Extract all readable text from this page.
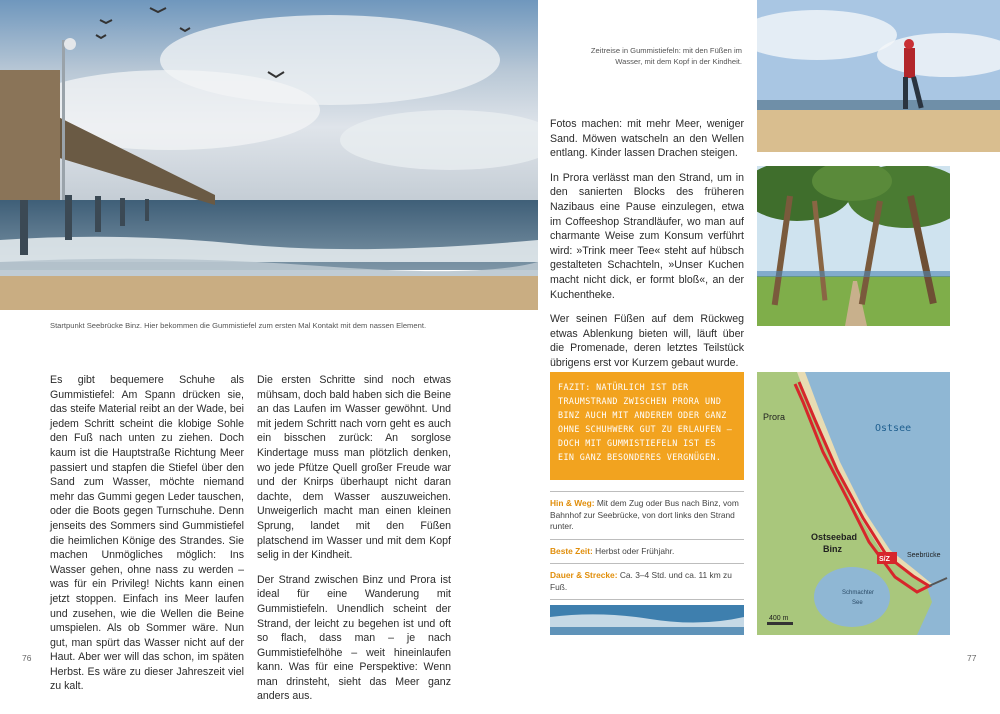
Startpunkt Seebrücke Binz. Hier bekommen die Gummistiefel zum ersten Mal Kontakt mit dem nassen Element.

Es gibt bequemere Schuhe als Gummistiefel: Am Spann drücken sie, das steife Material reibt an der Wade, bei jedem Schritt scheint die klobige Sohle den Fuß nach unten zu ziehen. Doch kaum ist die Hauptstraße Richtung Meer passiert und stapfen die Stiefel über den Sand zum Wasser, möchte niemand mehr das Gummi gegen Leder tauschen, oder die Boots gegen Turnschuhe. Denn jenseits des Sommers sind Gummistiefel die heimlichen Könige des Strandes. Sie machen Unmögliches möglich: Ins Wasser gehen, ohne nass zu werden – was für ein Privileg! Nichts kann einen jetzt stoppen. Einfach ins Meer laufen und zusehen, wie die Wellen die Beine umspielen. Als ob Sommer wäre. Nun gut, man spürt das Wasser nicht auf der Haut. Aber wer will das schon, im späten Herbst. Es wäre zu dieser Jahreszeit viel zu kalt.

Die ersten Schritte sind noch etwas mühsam, doch bald haben sich die Beine an das Laufen im Wasser gewöhnt. Und mit jedem Schritt nach vorn geht es auch ein bisschen zurück: An sorglose Kindertage muss man plötzlich denken, wo jede Pfütze Quell großer Freude war und der Knirps überhaupt nicht daran dachte, dem Wasser auszuweichen. Unweigerlich macht man einen kleinen Sprung, landet mit den Füßen platschend im Wasser und mit dem Kopf selig in der Kindheit.

Der Strand zwischen Binz und Prora ist ideal für eine Wanderung mit Gummistiefeln. Unendlich scheint der Strand, der leicht zu begehen ist und oft so flach, dass man – je nach Gummistiefelhöhe – weit hineinlaufen kann. Was für eine Perspektive: Wenn man drinsteht, sieht das Meer ganz anders aus.

76
Zeitreise in Gummistiefeln: mit den Füßen im Wasser, mit dem Kopf in der Kindheit.

Fotos machen: mit mehr Meer, weniger Sand. Möwen watscheln an den Wellen entlang. Kinder lassen Drachen steigen.

In Prora verlässt man den Strand, um in den sanierten Blocks des früheren Nazibaus eine Pause einzulegen, etwa im Coffeeshop Strandläufer, wo man auf charmante Weise zum Konsum verführt wird: »Trink meer Tee« steht auf hübsch gestalteten Schachteln, »Unser Kuchen macht nicht dick, er formt bloß«, an der Kuchentheke.

Wer seinen Füßen auf dem Rückweg etwas Ablenkung bieten will, läuft über die Promenade, deren letztes Teilstück übrigens erst vor Kurzem gebaut wurde.

FAZIT: NATÜRLICH IST DER TRAUMSTRAND ZWISCHEN PRORA UND BINZ AUCH MIT ANDEREM ODER GANZ OHNE SCHUHWERK GUT ZU ERLAUFEN – DOCH MIT GUMMISTIEFELN IST ES EIN GANZ BESONDERES VERGNÜGEN.
Hin & Weg: Mit dem Zug oder Bus nach Binz, vom Bahnhof zur Seebrücke, von dort links den Strand runter.
Beste Zeit: Herbst oder Frühjahr.
Dauer & Strecke: Ca. 3–4 Std. und ca. 11 km zu Fuß.
Ostsee
Prora
Ostseebad
Binz
Seebrücke
Schmachter
See
S/Z
400 m
77
